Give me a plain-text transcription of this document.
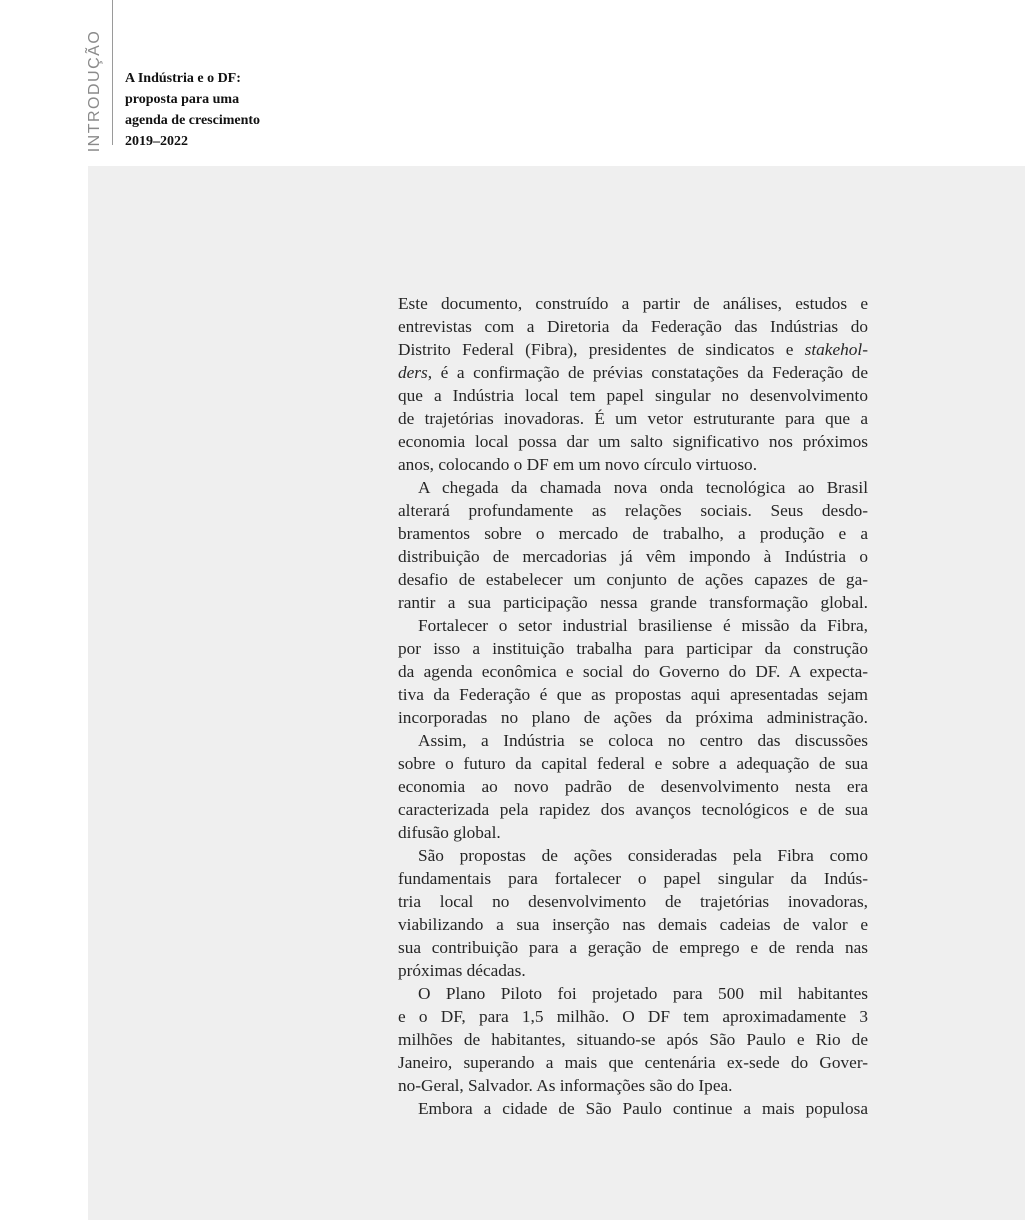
INTRODUÇÃO A Indústria e o DF:
proposta para uma
agenda de crescimento
2019–2022
Este documento, construído a partir de análises, estudos e
entrevistas com a Diretoria da Federação das Indústrias do
Distrito Federal (Fibra), presidentes de sindicatos e stakehol-
ders, é a confirmação de prévias constatações da Federação de
que a Indústria local tem papel singular no desenvolvimento
de trajetórias inovadoras. É um vetor estruturante para que a
economia local possa dar um salto significativo nos próximos
anos, colocando o DF em um novo círculo virtuoso.
A chegada da chamada nova onda tecnológica ao Brasil
alterará profundamente as relações sociais. Seus desdo-
bramentos sobre o mercado de trabalho, a produção e a
distribuição de mercadorias já vêm impondo à Indústria o
desafio de estabelecer um conjunto de ações capazes de ga-
rantir a sua participação nessa grande transformação global.
Fortalecer o setor industrial brasiliense é missão da Fibra,
por isso a instituição trabalha para participar da construção
da agenda econômica e social do Governo do DF. A expecta-
tiva da Federação é que as propostas aqui apresentadas sejam
incorporadas no plano de ações da próxima administração.
Assim, a Indústria se coloca no centro das discussões
sobre o futuro da capital federal e sobre a adequação de sua
economia ao novo padrão de desenvolvimento nesta era
caracterizada pela rapidez dos avanços tecnológicos e de sua
difusão global.
São propostas de ações consideradas pela Fibra como
fundamentais para fortalecer o papel singular da Indús-
tria local no desenvolvimento de trajetórias inovadoras,
viabilizando a sua inserção nas demais cadeias de valor e
sua contribuição para a geração de emprego e de renda nas
próximas décadas.
O Plano Piloto foi projetado para 500 mil habitantes
e o DF, para 1,5 milhão. O DF tem aproximadamente 3
milhões de habitantes, situando-se após São Paulo e Rio de
Janeiro, superando a mais que centenária ex-sede do Gover-
no-Geral, Salvador. As informações são do Ipea.
Embora a cidade de São Paulo continue a mais populosa
